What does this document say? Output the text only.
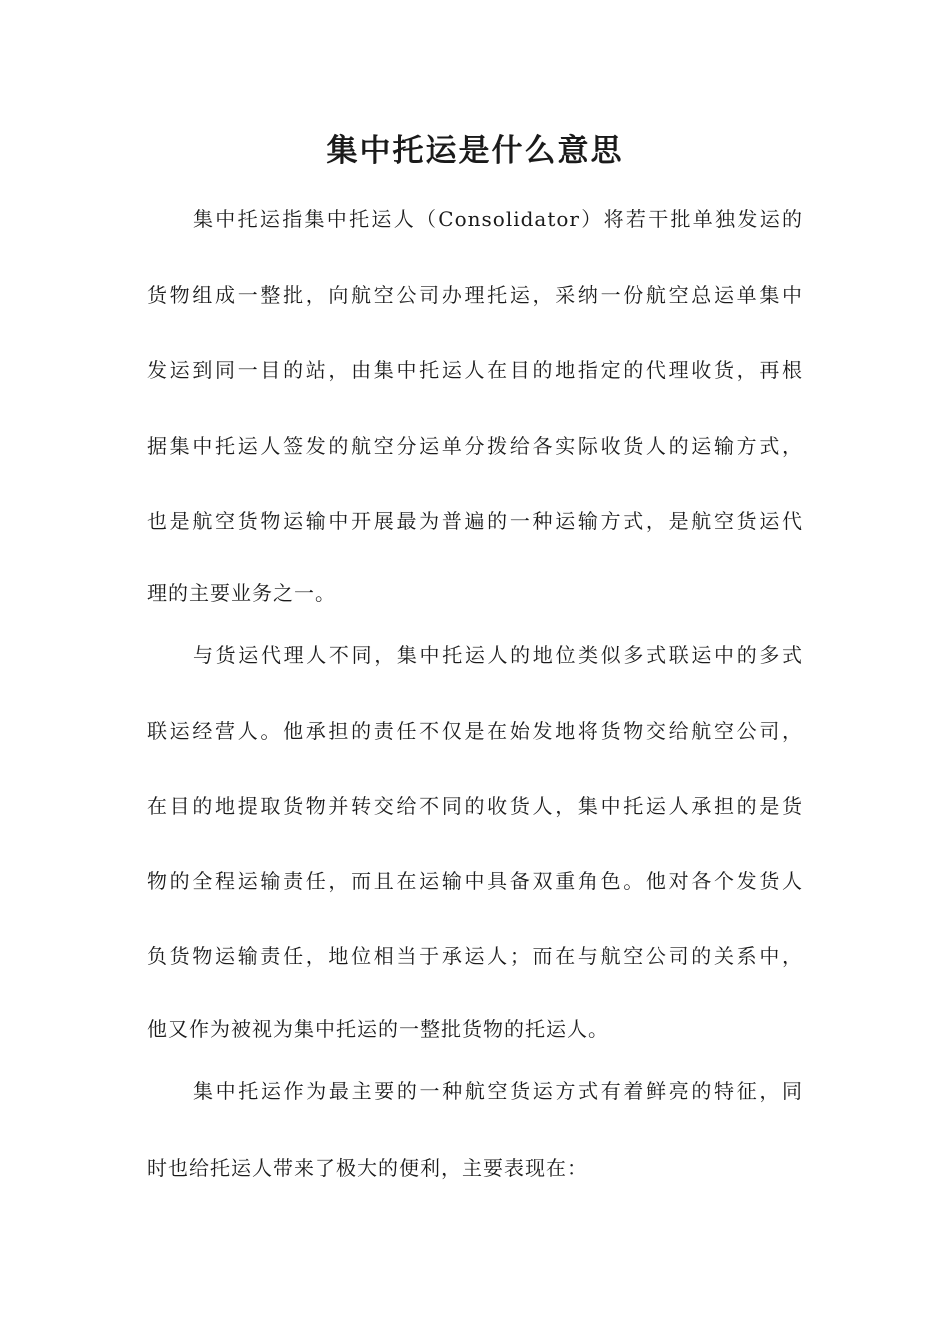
集中托运是什么意思
集中托运指集中托运人（Consolidator）将若干批单独发运的
货物组成一整批，向航空公司办理托运，采纳一份航空总运单集中
发运到同一目的站，由集中托运人在目的地指定的代理收货，再根
据集中托运人签发的航空分运单分拨给各实际收货人的运输方式，
也是航空货物运输中开展最为普遍的一种运输方式，是航空货运代
理的主要业务之一。
与货运代理人不同，集中托运人的地位类似多式联运中的多式
联运经营人。他承担的责任不仅是在始发地将货物交给航空公司，
在目的地提取货物并转交给不同的收货人，集中托运人承担的是货
物的全程运输责任，而且在运输中具备双重角色。他对各个发货人
负货物运输责任，地位相当于承运人；而在与航空公司的关系中，
他又作为被视为集中托运的一整批货物的托运人。
集中托运作为最主要的一种航空货运方式有着鲜亮的特征，同
时也给托运人带来了极大的便利，主要表现在：
